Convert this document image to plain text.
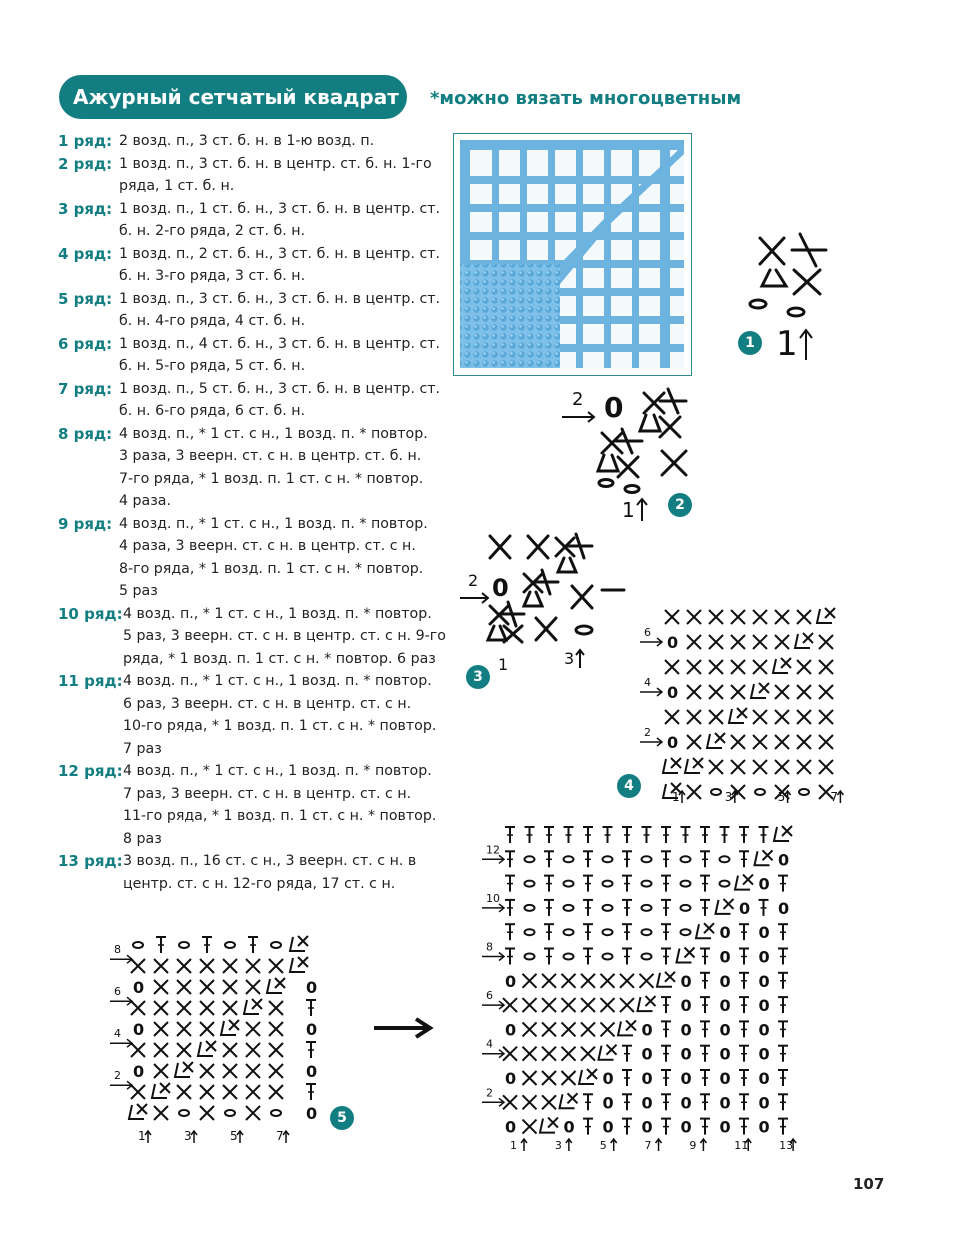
Ажурный сетчатый квадрат	*можно вязать многоцветным
1 ряд: 2 возд. п., 3 ст. б. н. в 1-ю возд. п.
2 ряд: 1 возд. п., 3 ст. б. н. в центр. ст. б. н. 1-го
ряда, 1 ст. б. н.
3 ряд: 1 возд. п., 1 ст. б. н., 3 ст. б. н. в центр. ст.
б. н. 2-го ряда, 2 ст. б. н.
4 ряд: 1 возд. п., 2 ст. б. н., 3 ст. б. н. в центр. ст.
б. н. 3-го ряда, 3 ст. б. н.
5 ряд: 1 возд. п., 3 ст. б. н., 3 ст. б. н. в центр. ст.
б. н. 4-го ряда, 4 ст. б. н.
6 ряд: 1 возд. п., 4 ст. б. н., 3 ст. б. н. в центр. ст.
б. н. 5-го ряда, 5 ст. б. н.
7 ряд: 1 возд. п., 5 ст. б. н., 3 ст. б. н. в центр. ст.
б. н. 6-го ряда, 6 ст. б. н.
8 ряд: 4 возд. п., * 1 ст. с н., 1 возд. п. * повтор.
3 раза, 3 веерн. ст. с н. в центр. ст. б. н.
7-го ряда, * 1 возд. п. 1 ст. с н. * повтор.
4 раза.
9 ряд: 4 возд. п., * 1 ст. с н., 1 возд. п. * повтор.
4 раза, 3 веерн. ст. с н. в центр. ст. с н.
8-го ряда, * 1 возд. п. 1 ст. с н. * повтор.
5 раз
10 ряд: 4 возд. п., * 1 ст. с н., 1 возд. п. * повтор.
5 раз, 3 веерн. ст. с н. в центр. ст. с н. 9-го
ряда, * 1 возд. п. 1 ст. с н. * повтор. 6 раз
11 ряд: 4 возд. п., * 1 ст. с н., 1 возд. п. * повтор.
6 раз, 3 веерн. ст. с н. в центр. ст. с н.
10-го ряда, * 1 возд. п. 1 ст. с н. * повтор.
7 раз
12 ряд: 4 возд. п., * 1 ст. с н., 1 возд. п. * повтор.
7 раз, 3 веерн. ст. с н. в центр. ст. с н.
11-го ряда, * 1 возд. п. 1 ст. с н. * повтор.
8 раз
13 ряд: 3 возд. п., 16 ст. с н., 3 веерн. ст. с н. в
центр. ст. с н. 12-го ряда, 17 ст. с н.
1
1
2 0
1	2
2 0
1	3
3
0
0
0
6
4
2
1	3	5	7
4
0	0
0	0
0	0
0
8
6
4
2
1	3	5	7
5
0
0
0 0
0 0
0 0
0	0 0 0
0 0 0
0	0 0 0 0
0 0 0 0
0	0 0 0 0 0
0 0 0 0 0
0	0 0 0 0 0 0
12
10
8
6
4
2
1	3	5	7	9	11	13
107
